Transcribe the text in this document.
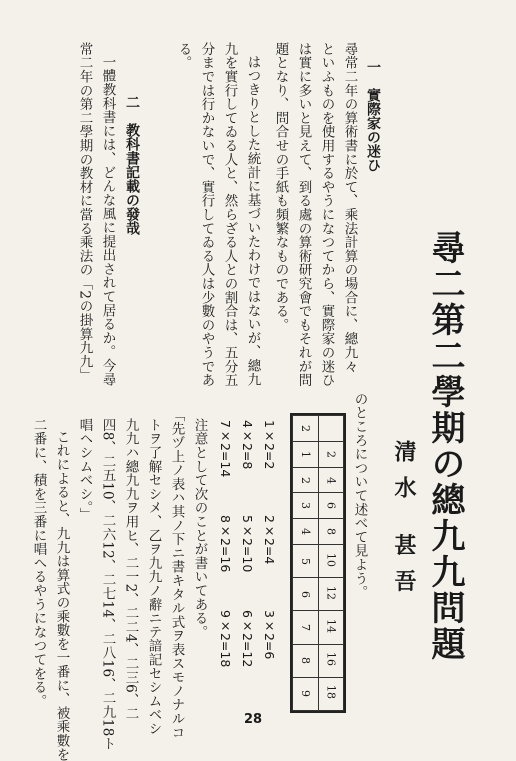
尋二第二學期の總九九問題
清水 甚吾
一　實際家の迷ひ
尋常二年の算術書に於て、乘法計算の場合に、總九々
といふものを使用するやうになつてから、實際家の迷ひ
は實に多いと見えて、到る處の算術研究會でもそれが問
題となり、問合せの手紙も頻繁なものである。
はつきりとした統計に基づいたわけではないが、總九
九を實行してゐる人と、然らざる人との割合は、五分五
分までは行かないで、實行してゐる人は少數のやうであ
る。
二　教科書記載の發哉
一體教科書には、どんな風に提出されて居るか。今尋
常二年の第二學期の教材に當る乘法の「2の掛算九九」
のところについて述べて見よう。
2	
1	2
2	4
3	6
4	8
5	10
6	12
7	14
8	16
9	18
1×2=2
2×2=4
3×2=6
4×2=8
5×2=10
6×2=12
7×2=14
8×2=16
9×2=18
注意として次のことが書いてある。
「先ヅ上ノ表ハ其ノ下ニ書キタル式ヲ表スモノナルコ
トヲ了解セシメ、乙ヲ九九ノ辭ニテ諳記セシムベシ
九九ハ總九九ヲ用ヒ、二一2、二二4、二三6、二
四8、二五10、二六12、二七14、二八16、二九18ト
唱ヘシムベシ。」
これによると、九九は算式の乘數を一番に、被乘數を
二番に、積を三番に唱へるやうになつてをる。
28
